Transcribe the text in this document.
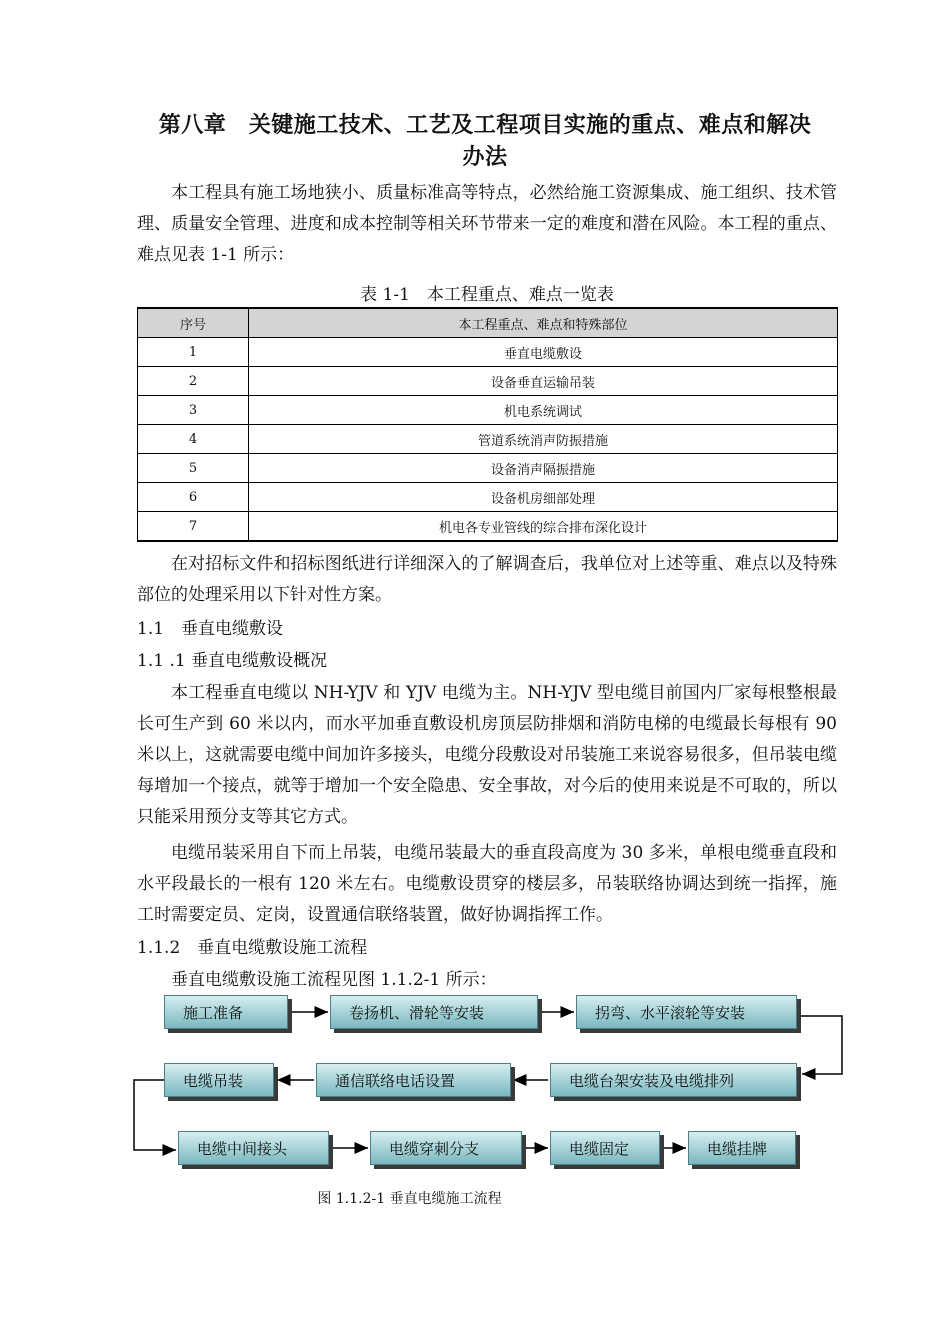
第八章　关键施工技术、工艺及工程项目实施的重点、难点和解决
办法

本工程具有施工场地狭小、质量标准高等特点，必然给施工资源集成、施工组织、技术管理、质量安全管理、进度和成本控制等相关环节带来一定的难度和潜在风险。本工程的重点、难点见表 1-1 所示：

表 1-1　本工程重点、难点一览表
序号	本工程重点、难点和特殊部位
1	垂直电缆敷设
2	设备垂直运输吊装
3	机电系统调试
4	管道系统消声防振措施
5	设备消声隔振措施
6	设备机房细部处理
7	机电各专业管线的综合排布深化设计

在对招标文件和招标图纸进行详细深入的了解调查后，我单位对上述等重、难点以及特殊部位的处理采用以下针对性方案。

1.1　垂直电缆敷设

1.1 .1 垂直电缆敷设概况

本工程垂直电缆以 NH-YJV 和 YJV 电缆为主。NH-YJV 型电缆目前国内厂家每根整根最长可生产到 60 米以内，而水平加垂直敷设机房顶层防排烟和消防电梯的电缆最长每根有 90 米以上，这就需要电缆中间加许多接头，电缆分段敷设对吊装施工来说容易很多，但吊装电缆每增加一个接点，就等于增加一个安全隐患、安全事故，对今后的使用来说是不可取的，所以只能采用预分支等其它方式。

电缆吊装采用自下而上吊装，电缆吊装最大的垂直段高度为 30 多米，单根电缆垂直段和水平段最长的一根有 120 米左右。电缆敷设贯穿的楼层多，吊装联络协调达到统一指挥，施工时需要定员、定岗，设置通信联络装置，做好协调指挥工作。

1.1.2　垂直电缆敷设施工流程

垂直电缆敷设施工流程见图 1.1.2-1 所示：

施工准备	卷扬机、滑轮等安装	拐弯、水平滚轮等安装
电缆台架安装及电缆排列
通信联络电话设置
电缆吊装
电缆中间接头	电缆穿刺分支	电缆固定	电缆挂牌
图 1.1.2-1 垂直电缆施工流程
